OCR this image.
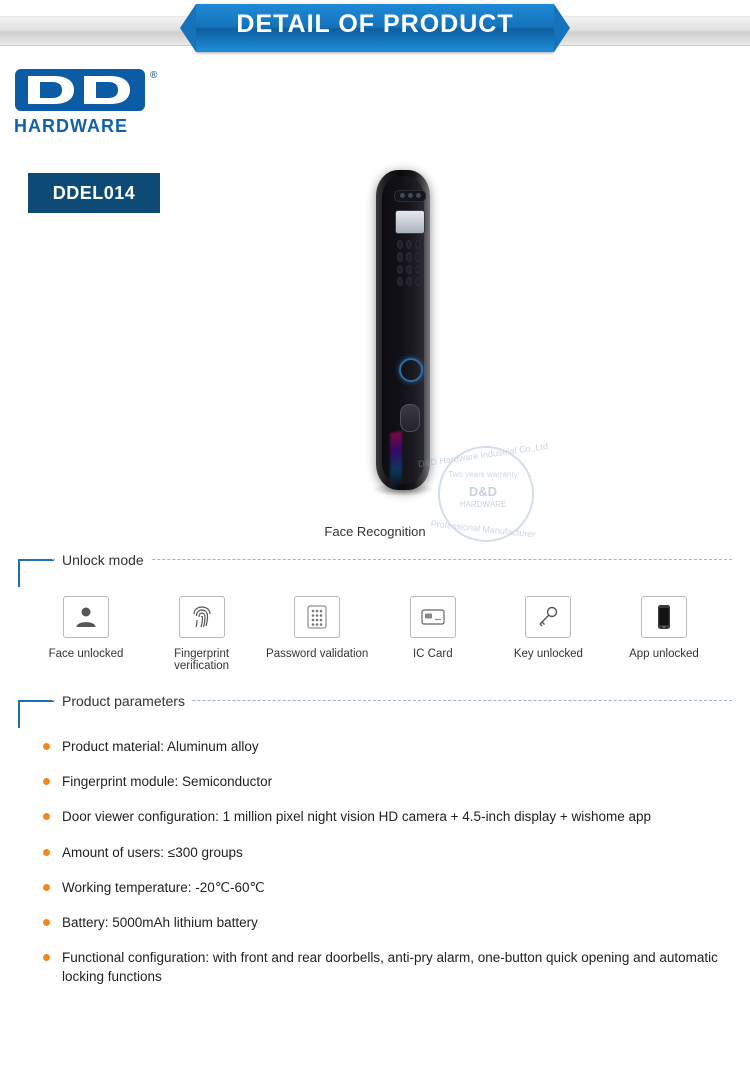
DETAIL OF PRODUCT
®
HARDWARE
DDEL014
D&D Hardware Industrial Co.,Ltd
Two years warranty
D&D
HARDWARE
Professional Manufacturer
Face Recognition
Unlock mode
Face unlocked	Fingerprint verification
Password validation	IC Card	Key unlocked	App unlocked
Product parameters
Product material: Aluminum alloy
Fingerprint module: Semiconductor
Door viewer configuration: 1 million pixel night vision HD camera + 4.5-inch display + wishome app
Amount of users: ≤300 groups
Working temperature: -20℃-60℃
Battery: 5000mAh lithium battery
Functional configuration: with front and rear doorbells, anti-pry alarm, one-button quick opening and automatic locking functions
